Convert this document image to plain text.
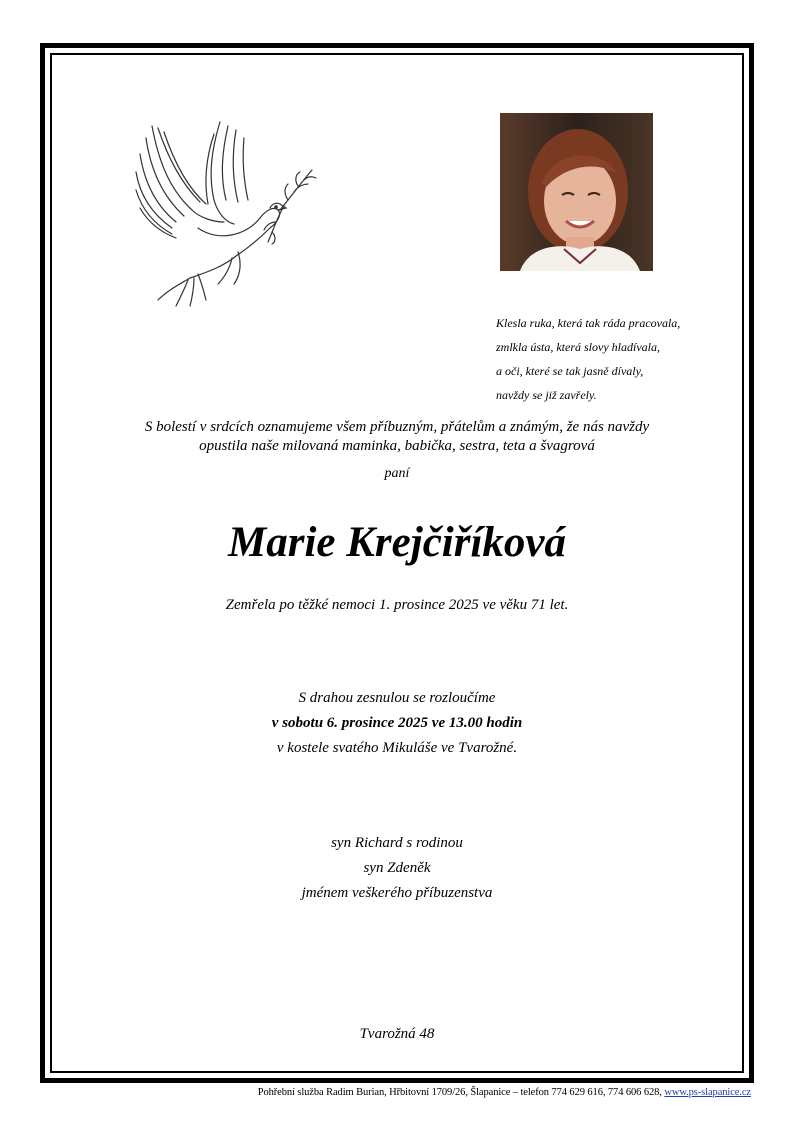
Klesla ruka, která tak ráda pracovala,
zmlkla ústa, která slovy hladívala,
a oči, které se tak jasně dívaly,
navždy se již zavřely.
S bolestí v srdcích oznamujeme všem příbuzným, přátelům a známým, že nás navždy
opustila naše milovaná maminka, babička, sestra, teta a švagrová
paní
Marie Krejčiříková
Zemřela po těžké nemoci 1. prosince 2025 ve věku 71 let.
S drahou zesnulou se rozloučíme
v sobotu 6. prosince 2025 ve 13.00 hodin
v kostele svatého Mikuláše ve Tvarožné.
syn Richard s rodinou
syn Zdeněk
jménem veškerého příbuzenstva
Tvarožná 48
Pohřební služba Radim Burian, Hřbitovní 1709/26, Šlapanice – telefon 774 629 616, 774 606 628, www.ps-slapanice.cz
